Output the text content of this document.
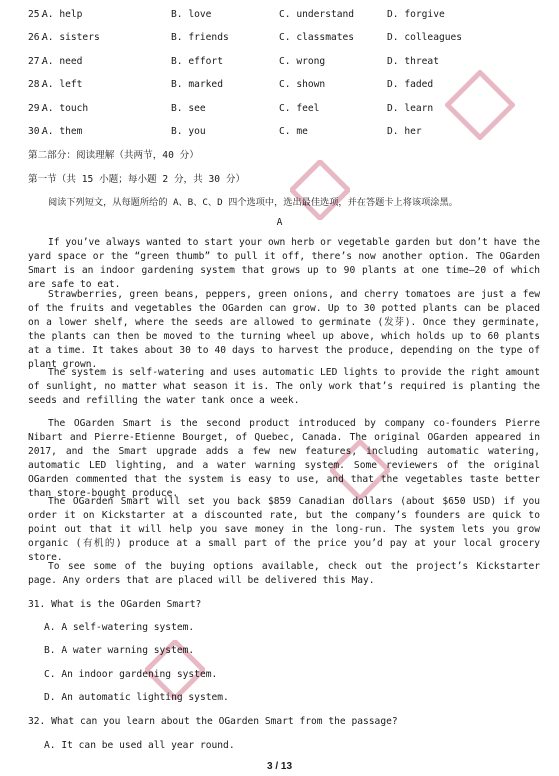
25.
A. help	B. love	C. understand	D. forgive
26.
A. sisters	B. friends	C. classmates	D. colleagues
27.
A. need	B. effort	C. wrong	D. threat
28.
A. left	B. marked	C. shown	D. faded
29.
A. touch	B. see	C. feel	D. learn
30.
A. them	B. you	C. me	D. her
第二部分：阅读理解（共两节，40 分）
第一节（共 15 小题；每小题 2 分，共 30 分）
阅读下列短文，从每题所给的 A、B、C、D 四个选项中，选出最佳选项，并在答题卡上将该项涂黑。
A
If you’ve always wanted to start your own herb or vegetable garden but don’t have the yard space or the “green thumb” to pull it off, there’s now another option. The OGarden Smart is an indoor gardening system that grows up to 90 plants at one time—20 of which are safe to eat.
Strawberries, green beans, peppers, green onions, and cherry tomatoes are just a few of the fruits and vegetables the OGarden can grow. Up to 30 potted plants can be placed on a lower shelf, where the seeds are allowed to germinate (发芽). Once they germinate, the plants can then be moved to the turning wheel up above, which holds up to 60 plants at a time. It takes about 30 to 40 days to harvest the produce, depending on the type of plant grown.
The system is self-watering and uses automatic LED lights to provide the right amount of sunlight, no matter what season it is. The only work that’s required is planting the seeds and refilling the water tank once a week.
The OGarden Smart is the second product introduced by company co-founders Pierre Nibart and Pierre-Etienne Bourget, of Quebec, Canada. The original OGarden appeared in 2017, and the Smart upgrade adds a few new features, including automatic watering, automatic LED lighting, and a water warning system. Some reviewers of the original OGarden commented that the system is easy to use, and that the vegetables taste better than store-bought produce.
The OGarden Smart will set you back $859 Canadian dollars (about $650 USD) if you order it on Kickstarter at a discounted rate, but the company’s founders are quick to point out that it will help you save money in the long-run. The system lets you grow organic (有机的) produce at a small part of the price you’d pay at your local grocery store.
To see some of the buying options available, check out the project’s Kickstarter page. Any orders that are placed will be delivered this May.
31. What is the OGarden Smart?
A. A self-watering system.
B. A water warning system.
C. An indoor gardening system.
D. An automatic lighting system.
32. What can you learn about the OGarden Smart from the passage?
A. It can be used all year round.
3 / 13
